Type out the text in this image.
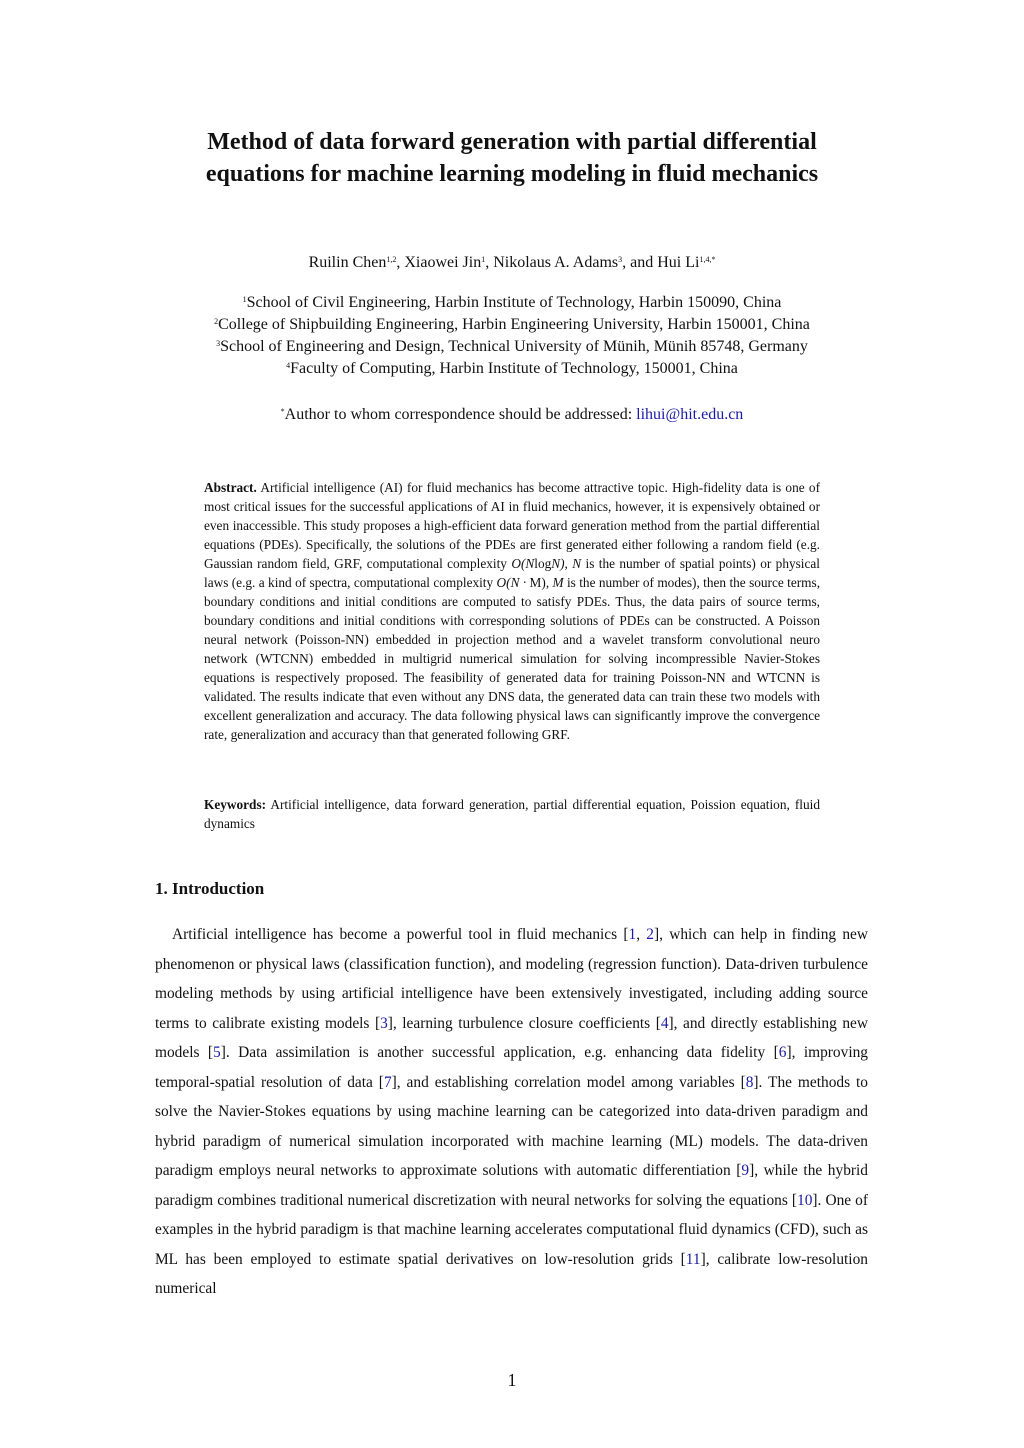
Method of data forward generation with partial differential
equations for machine learning modeling in fluid mechanics
Ruilin Chen$^{1,2}$, Xiaowei Jin$^1$, Nikolaus A. Adams$^3$, and Hui $Li^{1,4,*}$
$^1$School of Civil Engineering, Harbin Institute of Technology, Harbin 150090, China
$^2$College of Shipbuilding Engineering, Harbin Engineering University, Harbin 150001, China
$^3$School of Engineering and Design, Technical University of Münih, Münih 85748, Germany
$^4$Faculty of Computing, Harbin Institute of Technology, 150001, China
*Author to whom correspondence should be addressed: lihui@hit.edu.cn

Abstract. Artificial intelligence (AI) for fluid mechanics has become attractive topic. High-fidelity data is one of most critical issues for the successful applications of AI in fluid mechanics, however, it is expensively obtained or even inaccessible. This study proposes a high-efficient data forward generation method from the partial differential equations (PDEs). Specifically, the solutions of the PDEs are first generated either following a random field (e.g. Gaussian random field, GRF, computational complexity O(NlogN), N is the number of spatial points) or physical laws (e.g. a kind of spectra, computational complexity O(N · M), M is the number of modes), then the source terms, boundary conditions and initial conditions are computed to satisfy PDEs. Thus, the data pairs of source terms, boundary conditions and initial conditions with corresponding solutions of PDEs can be constructed. A Poisson neural network (Poisson-NN) embedded in projection method and a wavelet transform convolutional neuro network (WTCNN) embedded in multigrid numerical simulation for solving incompressible Navier-Stokes equations is respectively proposed. The feasibility of generated data for training Poisson-NN and WTCNN is validated. The results indicate that even without any DNS data, the generated data can train these two models with excellent generalization and accuracy. The data following physical laws can significantly improve the convergence rate, generalization and accuracy than that generated following GRF.

Keywords: Artificial intelligence, data forward generation, partial differential equation, Poission equation, fluid dynamics

1. Introduction

Artificial intelligence has become a powerful tool in fluid mechanics [1, 2], which can help in finding new phenomenon or physical laws (classification function), and modeling (regression function). Data-driven turbulence modeling methods by using artificial intelligence have been extensively investigated, including adding source terms to calibrate existing models [3], learning turbulence closure coefficients [4], and directly establishing new models [5]. Data assimilation is another successful application, e.g. enhancing data fidelity [6], improving temporal-spatial resolution of data [7], and establishing correlation model among variables [8]. The methods to solve the Navier-Stokes equations by using machine learning can be categorized into data-driven paradigm and hybrid paradigm of numerical simulation incorporated with machine learning (ML) models. The data-driven paradigm employs neural networks to approximate solutions with automatic differentiation [9], while the hybrid paradigm combines traditional numerical discretization with neural networks for solving the equations [10]. One of examples in the hybrid paradigm is that machine learning accelerates computational fluid dynamics (CFD), such as ML has been employed to estimate spatial derivatives on low-resolution grids [11], calibrate low-resolution numerical

1
